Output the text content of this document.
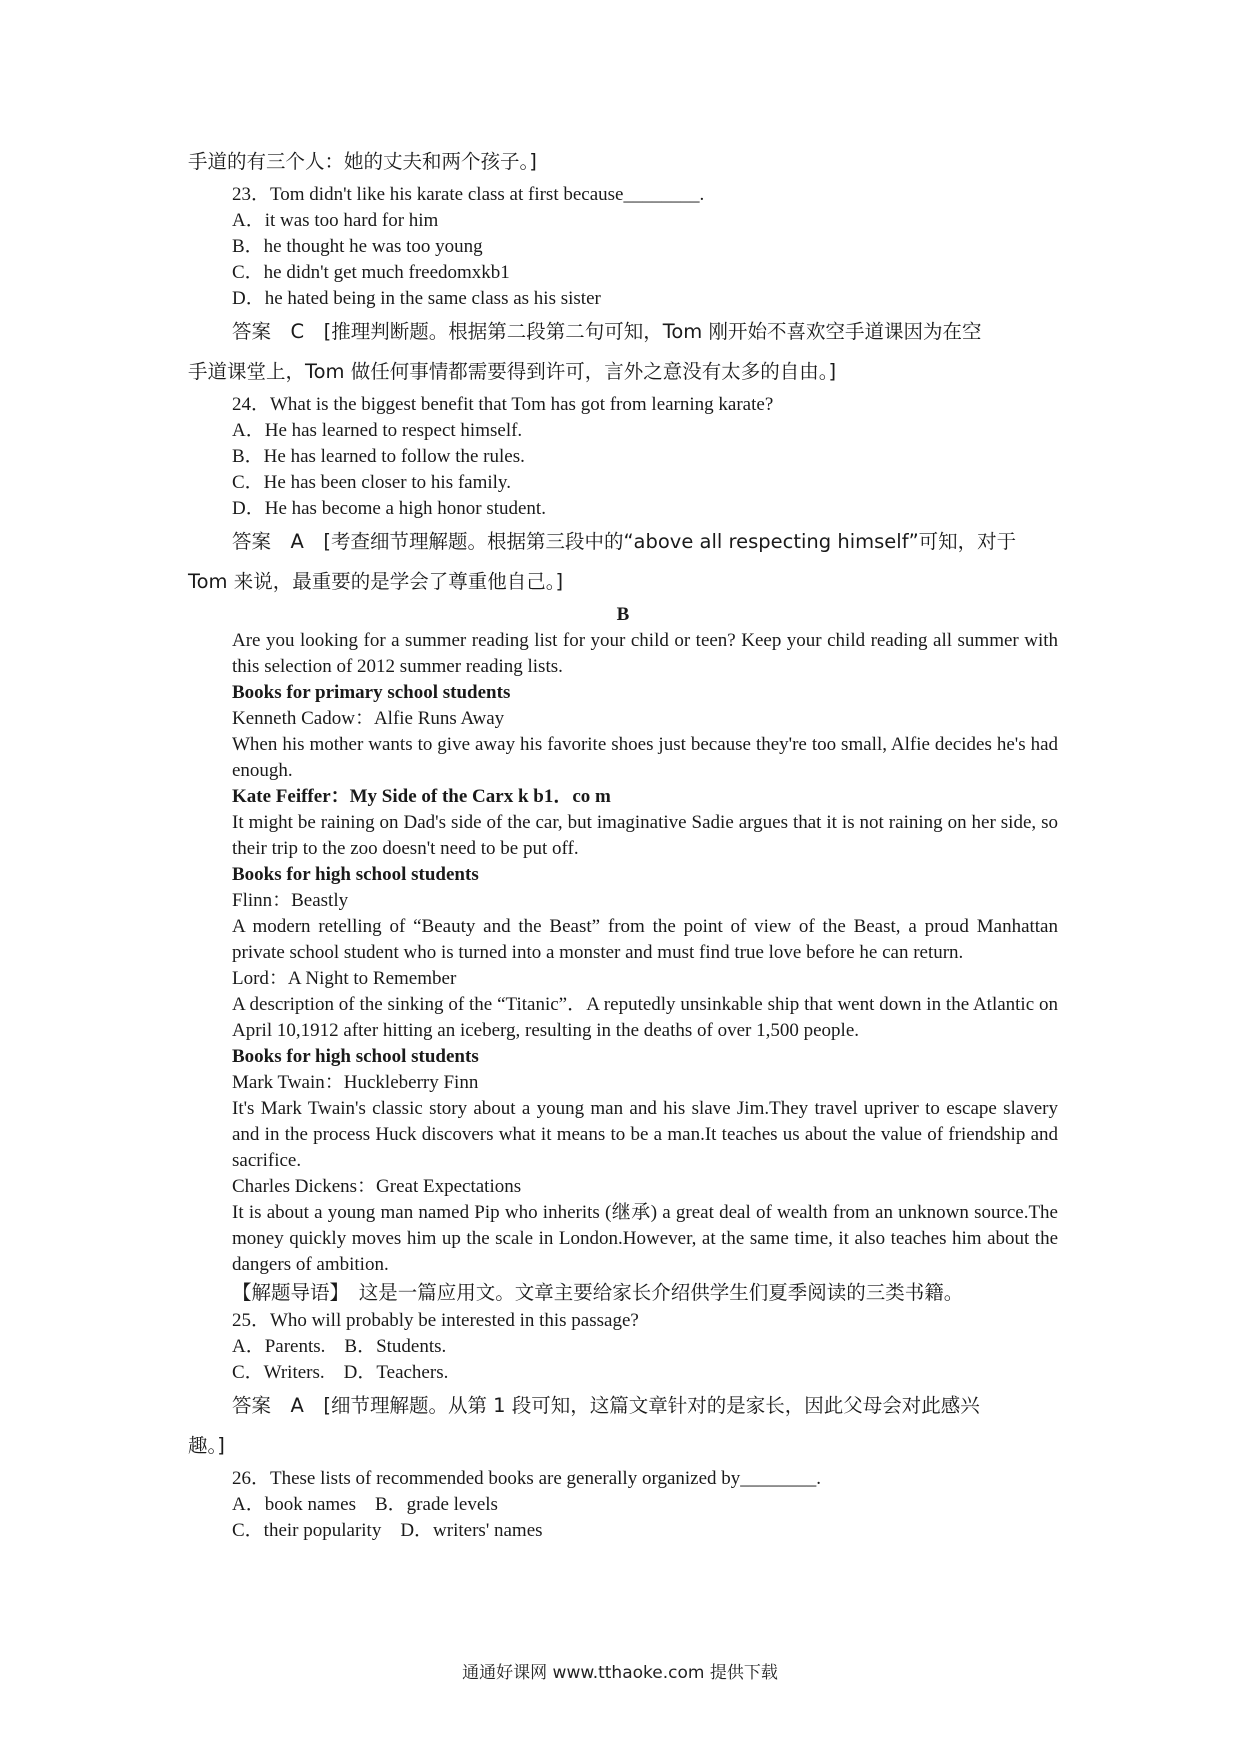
手道的有三个人：她的丈夫和两个孩子。]

23．Tom didn't like his karate class at first because________.

A．it was too hard for him

B．he thought he was too young

C．he didn't get much freedomxkb1

D．he hated being in the same class as his sister

答案　C　[推理判断题。根据第二段第二句可知，Tom 刚开始不喜欢空手道课因为在空

手道课堂上，Tom 做任何事情都需要得到许可，言外之意没有太多的自由。]

24．What is the biggest benefit that Tom has got from learning karate?

A．He has learned to respect himself.

B．He has learned to follow the rules.

C．He has been closer to his family.

D．He has become a high honor student.

答案　A　[考查细节理解题。根据第三段中的“above all respecting himself”可知，对于

Tom 来说，最重要的是学会了尊重他自己。]

B

Are you looking for a summer reading list for your child or teen? Keep your child reading all summer with this selection of 2012 summer reading lists.

Books for primary school students

Kenneth Cadow：Alfie Runs Away

When his mother wants to give away his favorite shoes just because they're too small, Alfie decides he's had enough.

Kate Feiffer：My Side of the Carx k b1．co m

It might be raining on Dad's side of the car, but imaginative Sadie argues that it is not raining on her side, so their trip to the zoo doesn't need to be put off.

Books for high school students

Flinn：Beastly

A modern retelling of “Beauty and the Beast” from the point of view of the Beast, a proud Manhattan private school student who is turned into a monster and must find true love before he can return.

Lord：A Night to Remember

A description of the sinking of the “Titanic”．A reputedly unsinkable ship that went down in the Atlantic on April 10,1912 after hitting an iceberg, resulting in the deaths of over 1,500 people.

Books for high school students

Mark Twain：Huckleberry Finn

It's Mark Twain's classic story about a young man and his slave Jim.They travel upriver to escape slavery and in the process Huck discovers what it means to be a man.It teaches us about the value of friendship and sacrifice.

Charles Dickens：Great Expectations

It is about a young man named Pip who inherits (继承) a great deal of wealth from an unknown source.The money quickly moves him up the scale in London.However, at the same time, it also teaches him about the dangers of ambition.

【解题导语】　这是一篇应用文。文章主要给家长介绍供学生们夏季阅读的三类书籍。

25．Who will probably be interested in this passage?

A．Parents.　B．Students.

C．Writers.　D．Teachers.

答案　A　[细节理解题。从第 1 段可知，这篇文章针对的是家长，因此父母会对此感兴

趣。]

26．These lists of recommended books are generally organized by________.

A．book names　B．grade levels

C．their popularity　D．writers' names

通通好课网 www.tthaoke.com 提供下载
